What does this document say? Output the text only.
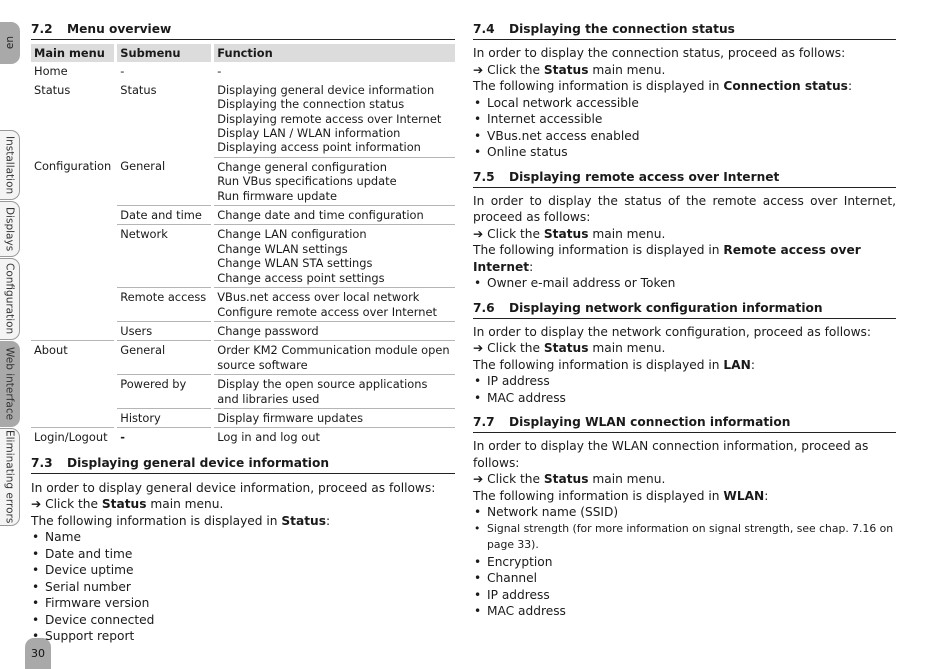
en
Installation
Displays
Configuration
Web interface
Eliminating errors
30
7.2 Menu overview
Main menu	Submenu	Function
Home	-	-

Status	Status	Displaying general device information
Displaying the connection status
Displaying remote access over Internet
Display LAN / WLAN information
Displaying access point information

Configuration	General	Change general configuration
Run VBus specifications update
Run firmware update

	Date and time	Change date and time configuration

	Network	Change LAN configuration
Change WLAN settings
Change WLAN STA settings
Change access point settings

	Remote access	VBus.net access over local network
Configure remote access over Internet

	Users	Change password

About	General	Order KM2 Communication module open source software

	Powered by	Display the open source applications and libraries used

	History	Display firmware updates

Login/Logout	-	Log in and log out
7.3 Displaying general device information

In order to display general device information, proceed as follows:

➔ Click the Status main menu.

The following information is displayed in Status:

• Name
• Date and time
• Device uptime
• Serial number
• Firmware version
• Device connected
• Support report
7.4 Displaying the connection status

In order to display the connection status, proceed as follows:

➔ Click the Status main menu.

The following information is displayed in Connection status:

• Local network accessible
• Internet accessible
• VBus.net access enabled
• Online status
7.5 Displaying remote access over Internet

In order to display the status of the remote access over Internet, proceed as follows:

➔ Click the Status main menu.

The following information is displayed in Remote access over Internet:

• Owner e-mail address or Token
7.6 Displaying network configuration information

In order to display the network configuration, proceed as follows:

➔ Click the Status main menu.

The following information is displayed in LAN:

• IP address
• MAC address
7.7 Displaying WLAN connection information

In order to display the WLAN connection information, proceed as follows:

➔ Click the Status main menu.

The following information is displayed in WLAN:

• Network name (SSID)
• Signal strength (for more information on signal strength, see chap. 7.16 on page 33).
• Encryption
• Channel
• IP address
• MAC address
